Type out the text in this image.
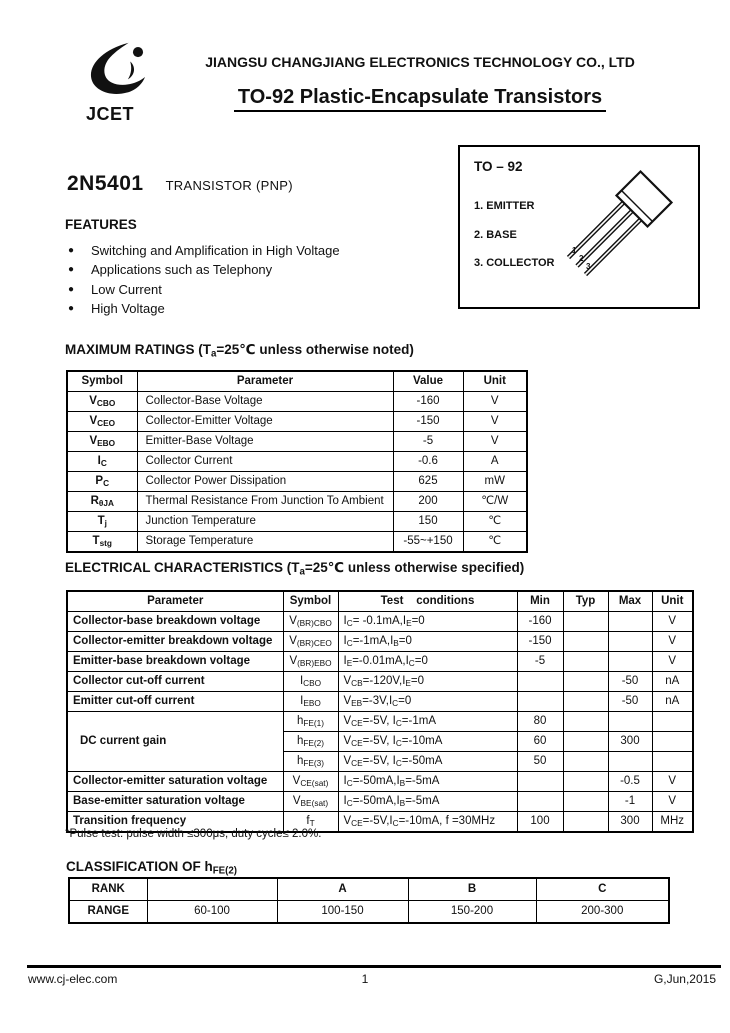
JCET
JIANGSU CHANGJIANG ELECTRONICS TECHNOLOGY CO., LTD
TO-92 Plastic-Encapsulate Transistors
2N5401 TRANSISTOR (PNP)
TO – 92
1. EMITTER
2. BASE
3. COLLECTOR
1
2
3
FEATURES
● Switching and Amplification in High Voltage
● Applications such as Telephony
● Low Current
● High Voltage
MAXIMUM RATINGS ($T_a=25℃$ unless otherwise noted)
Symbol	Parameter	Value	Unit
$V_{CBO}$	Collector-Base Voltage	-160	V
$V_{CEO}$	Collector-Emitter Voltage	-150	V
$V_{EBO}$	Emitter-Base Voltage	-5	V
$I_C$	Collector Current	-0.6	A
$P_C$	Collector Power Dissipation	625	mW
$R_{\theta JA}$	Thermal Resistance From Junction To Ambient	200	℃/W
$T_j$	Junction Temperature	150	℃
$T_{stg}$	Storage Temperature	-55~+150	℃
ELECTRICAL CHARACTERISTICS ($T_a=25℃$ unless otherwise specified)
Parameter	Symbol	Test    conditions	Min	Typ	Max	Unit
Collector-base breakdown voltage	$V_{(BR)CBO}$	$I_C= -0.1mA,I_E=0$	-160			V
Collector-emitter breakdown voltage	$V_{(BR)CEO}$	$I_C=-1mA,I_B=0$	-150			V
Emitter-base breakdown voltage	$V_{(BR)EBO}$	$I_E=-0.01mA,I_C=0$	-5			V
Collector cut-off current	$I_{CBO}$	$V_{CB}=-120V,I_E=0$			-50	nA
Emitter cut-off current	$I_{EBO}$	$V_{EB}=-3V,I_C=0$			-50	nA
DC current gain	$h_{FE(1)}$	$V_{CE}=-5V$, $I_C=-1mA$	80			
	$h_{FE(2)}$	$V_{CE}=-5V$, $I_C=-10mA$	60		300	
	$h_{FE(3)}$	$V_{CE}=-5V$, $I_C=-50mA$	50			
Collector-emitter saturation voltage	$V_{CE(sat)}$	$I_C=-50mA,I_B=-5mA$			-0.5	V
Base-emitter saturation voltage	$V_{BE(sat)}$	$I_C=-50mA,I_B=-5mA$			-1	V
Transition frequency	$f_T$	$V_{CE}=-5V,I_C=-10mA$, f =30MHz	100		300	MHz
*Pulse test: pulse width ≤300μs, duty cycle≤ 2.0%.
CLASSIFICATION OF $h_{FE(2)}$
RANK		A	B	C
RANGE	60-100	100-150	150-200	200-300
www.cj-elec.com	1	G,Jun,2015
